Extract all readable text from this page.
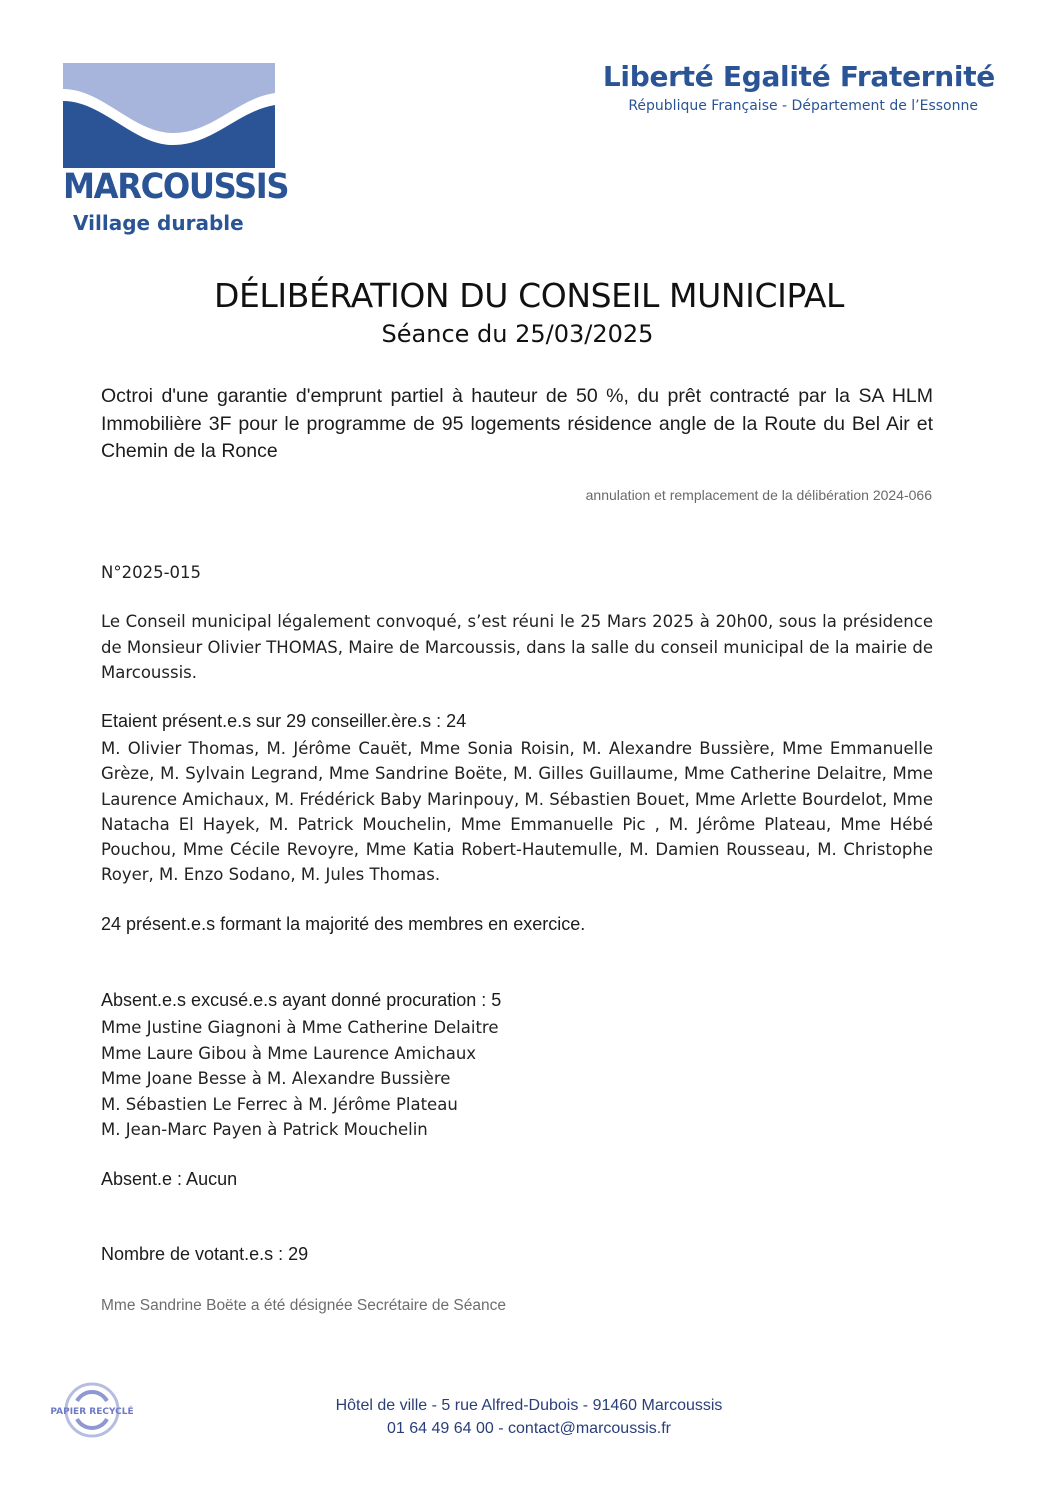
MARCOUSSIS
Village durable
Liberté Egalité Fraternité
République Française - Département de l’Essonne
DÉLIBÉRATION DU CONSEIL MUNICIPAL
Séance du 25/03/2025
Octroi d'une garantie d'emprunt partiel à hauteur de 50 %, du prêt contracté par la SA HLM Immobilière 3F pour le programme de 95 logements résidence angle de la Route du Bel Air et Chemin de la Ronce
annulation et remplacement de la délibération 2024-066
N°2025-015
Le Conseil municipal légalement convoqué, s’est réuni le 25 Mars 2025 à 20h00, sous la présidence de Monsieur Olivier THOMAS, Maire de Marcoussis, dans la salle du conseil municipal de la mairie de Marcoussis.
Etaient présent.e.s sur 29 conseiller.ère.s : 24
M. Olivier Thomas, M. Jérôme Cauët, Mme Sonia Roisin, M. Alexandre Bussière, Mme Emmanuelle Grèze, M. Sylvain Legrand, Mme Sandrine Boëte, M. Gilles Guillaume, Mme Catherine Delaitre, Mme Laurence Amichaux, M. Frédérick Baby Marinpouy, M. Sébastien Bouet, Mme Arlette Bourdelot, Mme Natacha El Hayek, M. Patrick Mouchelin, Mme Emmanuelle Pic , M. Jérôme Plateau, Mme Hébé Pouchou, Mme Cécile Revoyre, Mme Katia Robert-Hautemulle, M. Damien Rousseau, M. Christophe Royer, M. Enzo Sodano, M. Jules Thomas.
24 présent.e.s formant la majorité des membres en exercice.
Absent.e.s excusé.e.s ayant donné procuration : 5
Mme Justine Giagnoni à Mme Catherine Delaitre
Mme Laure Gibou à Mme Laurence Amichaux
Mme Joane Besse à M. Alexandre Bussière
M. Sébastien Le Ferrec à M. Jérôme Plateau
M. Jean-Marc Payen à Patrick Mouchelin
Absent.e : Aucun
Nombre de votant.e.s : 29
Mme Sandrine Boëte a été désignée Secrétaire de Séance
PAPIER RECYCLÉ	Hôtel de ville - 5 rue Alfred-Dubois - 91460 Marcoussis
01 64 49 64 00 - contact@marcoussis.fr
